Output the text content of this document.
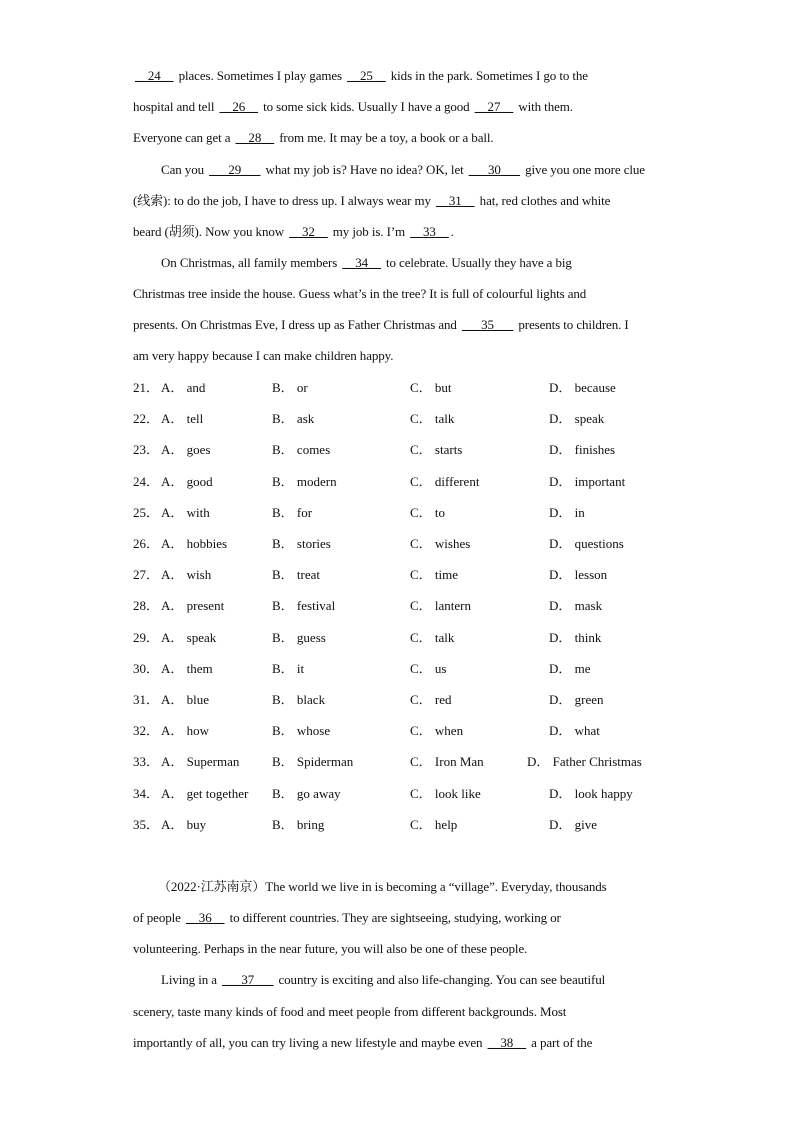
__24__ places. Sometimes I play games __25__ kids in the park. Sometimes I go to the
hospital and tell __26__ to some sick kids. Usually I have a good __27__ with them.
Everyone can get a __28__ from me. It may be a toy, a book or a ball.
Can you ___29___ what my job is? Have no idea? OK, let ___30___ give you one more clue
(线索): to do the job, I have to dress up. I always wear my __31__ hat, red clothes and white
beard (胡须). Now you know __32__ my job is. I’m __33__ .
On Christmas, all family members __34__ to celebrate. Usually they have a big
Christmas tree inside the house. Guess what’s in the tree? It is full of colourful lights and
presents. On Christmas Eve, I dress up as Father Christmas and ___35___ presents to children. I
am very happy because I can make children happy.
21． A． and	B． or	C． but	D． because
22． A． tell	B． ask	C． talk	D． speak
23． A． goes	B． comes	C． starts	D． finishes
24． A． good	B． modern	C． different	D． important
25． A． with	B． for	C． to	D． in
26． A． hobbies	B． stories	C． wishes	D． questions
27． A． wish	B． treat	C． time	D． lesson
28． A． present	B． festival	C． lantern	D． mask
29． A． speak	B． guess	C． talk	D． think
30． A． them	B． it	C． us	D． me
31． A． blue	B． black	C． red	D． green
32． A． how	B． whose	C． when	D． what
33． A． Superman	B． Spiderman	C． Iron Man	D． Father Christmas
34． A． get together B． go away	C． look like	D． look happy
35． A． buy	B． bring	C． help	D． give
（2022·江苏南京）The world we live in is becoming a “village”. Everyday, thousands
of people __36__ to different countries. They are sightseeing, studying, working or
volunteering. Perhaps in the near future, you will also be one of these people.
Living in a ___37___ country is exciting and also life-changing. You can see beautiful
scenery, taste many kinds of food and meet people from different backgrounds. Most
importantly of all, you can try living a new lifestyle and maybe even __38__ a part of the
